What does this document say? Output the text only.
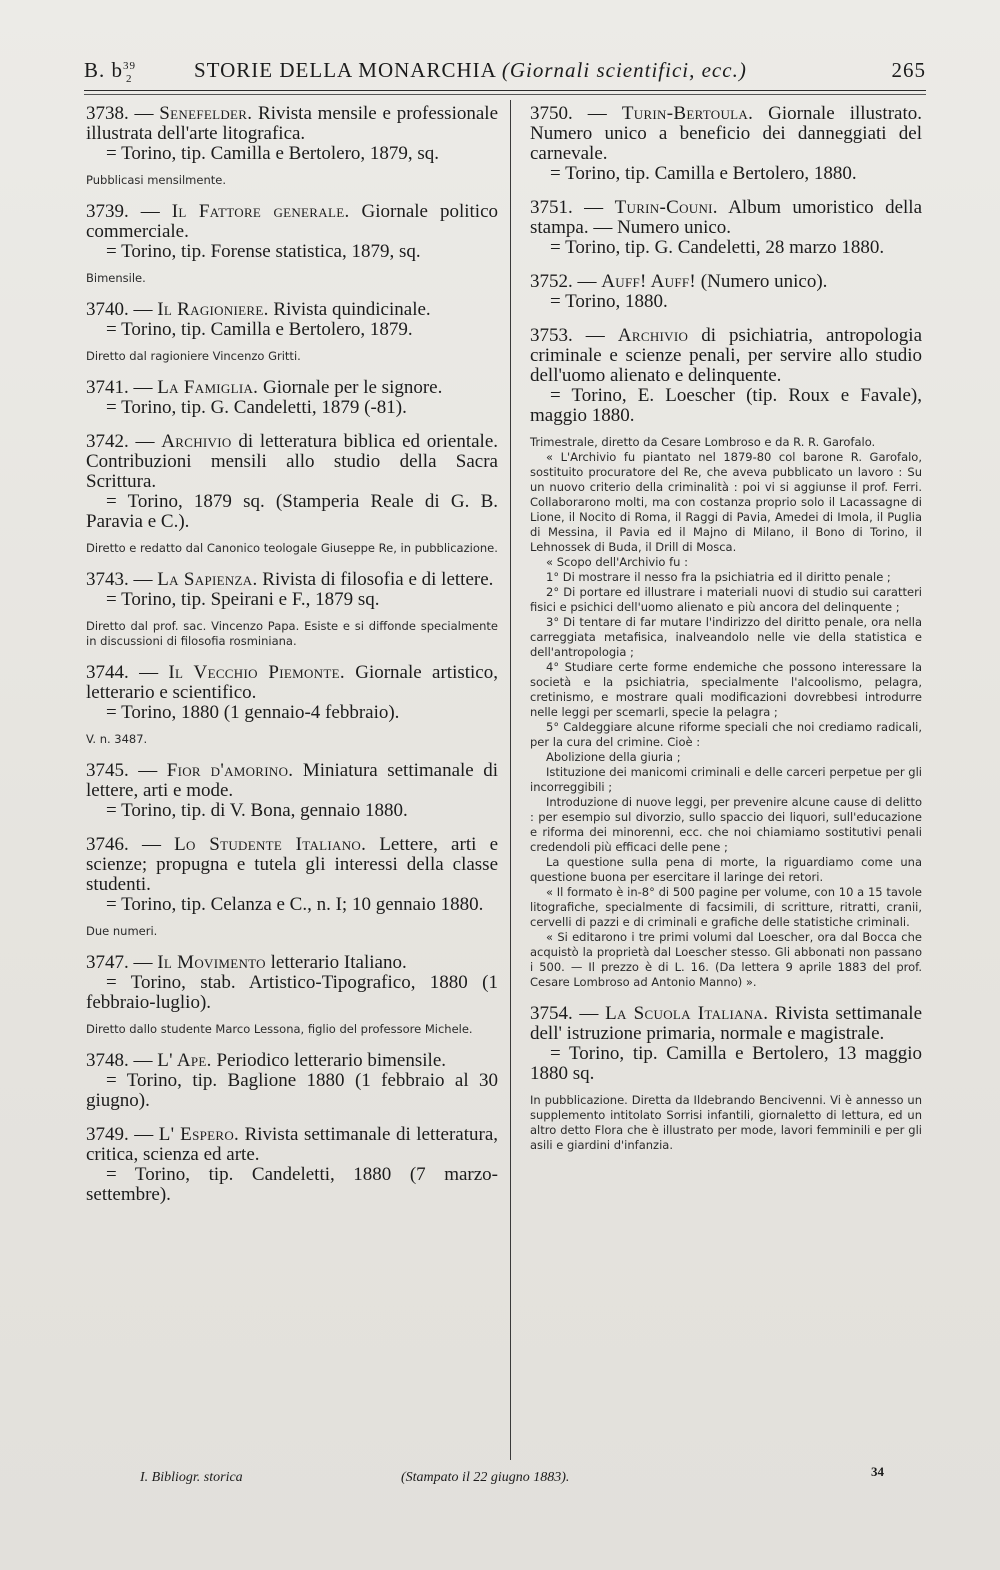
B. $b^{39}_2$	STORIE DELLA MONARCHIA (Giornali scientifici, ecc.)	265
3738. — Senefelder. Rivista mensile e professionale illustrata dell'arte litografica.
= Torino, tip. Camilla e Bertolero, 1879, sq.

Pubblicasi mensilmente.

3739. — Il Fattore generale. Giornale politico commerciale.
= Torino, tip. Forense statistica, 1879, sq.

Bimensile.

3740. — Il Ragioniere. Rivista quindicinale.
= Torino, tip. Camilla e Bertolero, 1879.

Diretto dal ragioniere Vincenzo Gritti.

3741. — La Famiglia. Giornale per le signore.
= Torino, tip. G. Candeletti, 1879 (-81).
3742. — Archivio di letteratura biblica ed orientale. Contribuzioni mensili allo studio della Sacra Scrittura.
= Torino, 1879 sq. (Stamperia Reale di G. B. Paravia e C.).

Diretto e redatto dal Canonico teologale Giuseppe Re, in pubblicazione.

3743. — La Sapienza. Rivista di filosofia e di lettere.
= Torino, tip. Speirani e F., 1879 sq.

Diretto dal prof. sac. Vincenzo Papa. Esiste e si diffonde specialmente in discussioni di filosofia rosminiana.

3744. — Il Vecchio Piemonte. Giornale artistico, letterario e scientifico.
= Torino, 1880 (1 gennaio-4 febbraio).

V. n. 3487.

3745. — Fior d'amorino. Miniatura settimanale di lettere, arti e mode.
= Torino, tip. di V. Bona, gennaio 1880.
3746. — Lo Studente Italiano. Lettere, arti e scienze; propugna e tutela gli interessi della classe studenti.
= Torino, tip. Celanza e C., n. I; 10 gennaio 1880.

Due numeri.

3747. — Il Movimento letterario Italiano.
= Torino, stab. Artistico-Tipografico, 1880 (1 febbraio-luglio).

Diretto dallo studente Marco Lessona, figlio del professore Michele.

3748. — L' Ape. Periodico letterario bimensile.
= Torino, tip. Baglione 1880 (1 febbraio al 30 giugno).
3749. — L' Espero. Rivista settimanale di letteratura, critica, scienza ed arte.
= Torino, tip. Candeletti, 1880 (7 marzo-settembre).
3750. — Turin-Bertoula. Giornale illustrato. Numero unico a beneficio dei danneggiati del carnevale.
= Torino, tip. Camilla e Bertolero, 1880.
3751. — Turin-Couni. Album umoristico della stampa. — Numero unico.
= Torino, tip. G. Candeletti, 28 marzo 1880.
3752. — Auff! Auff! (Numero unico).
= Torino, 1880.
3753. — Archivio di psichiatria, antropologia criminale e scienze penali, per servire allo studio dell'uomo alienato e delinquente.
= Torino, E. Loescher (tip. Roux e Favale), maggio 1880.

Trimestrale, diretto da Cesare Lombroso e da R. R. Garofalo.

« L'Archivio fu piantato nel 1879-80 col barone R. Garofalo, sostituito procuratore del Re, che aveva pubblicato un lavoro : Su un nuovo criterio della criminalità : poi vi si aggiunse il prof. Ferri. Collaborarono molti, ma con costanza proprio solo il Lacassagne di Lione, il Nocito di Roma, il Raggi di Pavia, Amedei di Imola, il Puglia di Messina, il Pavia ed il Majno di Milano, il Bono di Torino, il Lehnossek di Buda, il Drill di Mosca.

« Scopo dell'Archivio fu :

1° Di mostrare il nesso fra la psichiatria ed il diritto penale ;

2° Di portare ed illustrare i materiali nuovi di studio sui caratteri fisici e psichici dell'uomo alienato e più ancora del delinquente ;

3° Di tentare di far mutare l'indirizzo del diritto penale, ora nella carreggiata metafisica, inalveandolo nelle vie della statistica e dell'antropologia ;

4° Studiare certe forme endemiche che possono interessare la società e la psichiatria, specialmente l'alcoolismo, pelagra, cretinismo, e mostrare quali modificazioni dovrebbesi introdurre nelle leggi per scemarli, specie la pelagra ;

5° Caldeggiare alcune riforme speciali che noi crediamo radicali, per la cura del crimine. Cioè :

Abolizione della giuria ;

Istituzione dei manicomi criminali e delle carceri perpetue per gli incorreggibili ;

Introduzione di nuove leggi, per prevenire alcune cause di delitto : per esempio sul divorzio, sullo spaccio dei liquori, sull'educazione e riforma dei minorenni, ecc. che noi chiamiamo sostitutivi penali credendoli più efficaci delle pene ;

La questione sulla pena di morte, la riguardiamo come una questione buona per esercitare il laringe dei retori.

« Il formato è in-8° di 500 pagine per volume, con 10 a 15 tavole litografiche, specialmente di facsimili, di scritture, ritratti, cranii, cervelli di pazzi e di criminali e grafiche delle statistiche criminali.

« Si editarono i tre primi volumi dal Loescher, ora dal Bocca che acquistò la proprietà dal Loescher stesso. Gli abbonati non passano i 500. — Il prezzo è di L. 16. (Da lettera 9 aprile 1883 del prof. Cesare Lombroso ad Antonio Manno) ».

3754. — La Scuola Italiana. Rivista settimanale dell' istruzione primaria, normale e magistrale.
= Torino, tip. Camilla e Bertolero, 13 maggio 1880 sq.

In pubblicazione. Diretta da Ildebrando Bencivenni. Vi è annesso un supplemento intitolato Sorrisi infantili, giornaletto di lettura, ed un altro detto Flora che è illustrato per mode, lavori femminili e per gli asili e giardini d'infanzia.

I. Bibliogr. storica	(Stampato il 22 giugno 1883).	34
